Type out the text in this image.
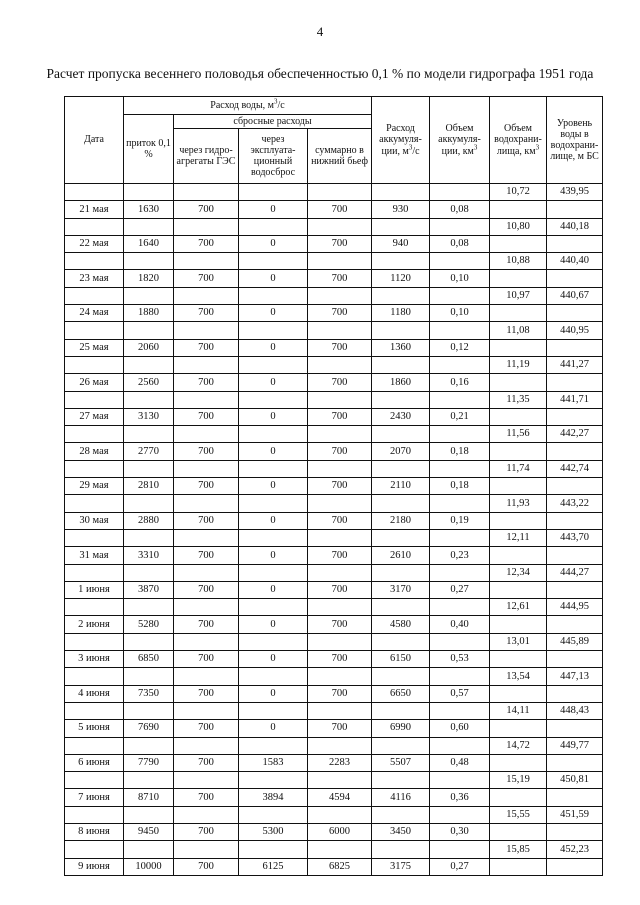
4
Расчет пропуска весеннего половодья обеспеченностью 0,1 % по модели гидрографа 1951 года
Дата	Расход воды, $м^3/с$				Расход аккумуля-ции, $м^3/с$	Объем аккумуля-ции, $км^3$	Объем водохрани-лища, $км^3$	Уровень воды в водохрани-лище, м БС
	приток 0,1 %	сбросные расходы						
		через гидро-агрегаты ГЭС	через эксплуата-ционный водосброс	суммарно в нижний бьеф				
							10,72	439,95
21 мая	1630	700	0	700	930	0,08		
							10,80	440,18
22 мая	1640	700	0	700	940	0,08		
							10,88	440,40
23 мая	1820	700	0	700	1120	0,10		
							10,97	440,67
24 мая	1880	700	0	700	1180	0,10		
							11,08	440,95
25 мая	2060	700	0	700	1360	0,12		
							11,19	441,27
26 мая	2560	700	0	700	1860	0,16		
							11,35	441,71
27 мая	3130	700	0	700	2430	0,21		
							11,56	442,27
28 мая	2770	700	0	700	2070	0,18		
							11,74	442,74
29 мая	2810	700	0	700	2110	0,18		
							11,93	443,22
30 мая	2880	700	0	700	2180	0,19		
							12,11	443,70
31 мая	3310	700	0	700	2610	0,23		
							12,34	444,27
1 июня	3870	700	0	700	3170	0,27		
							12,61	444,95
2 июня	5280	700	0	700	4580	0,40		
							13,01	445,89
3 июня	6850	700	0	700	6150	0,53		
							13,54	447,13
4 июня	7350	700	0	700	6650	0,57		
							14,11	448,43
5 июня	7690	700	0	700	6990	0,60		
							14,72	449,77
6 июня	7790	700	1583	2283	5507	0,48		
							15,19	450,81
7 июня	8710	700	3894	4594	4116	0,36		
							15,55	451,59
8 июня	9450	700	5300	6000	3450	0,30		
							15,85	452,23
9 июня	10000	700	6125	6825	3175	0,27		
